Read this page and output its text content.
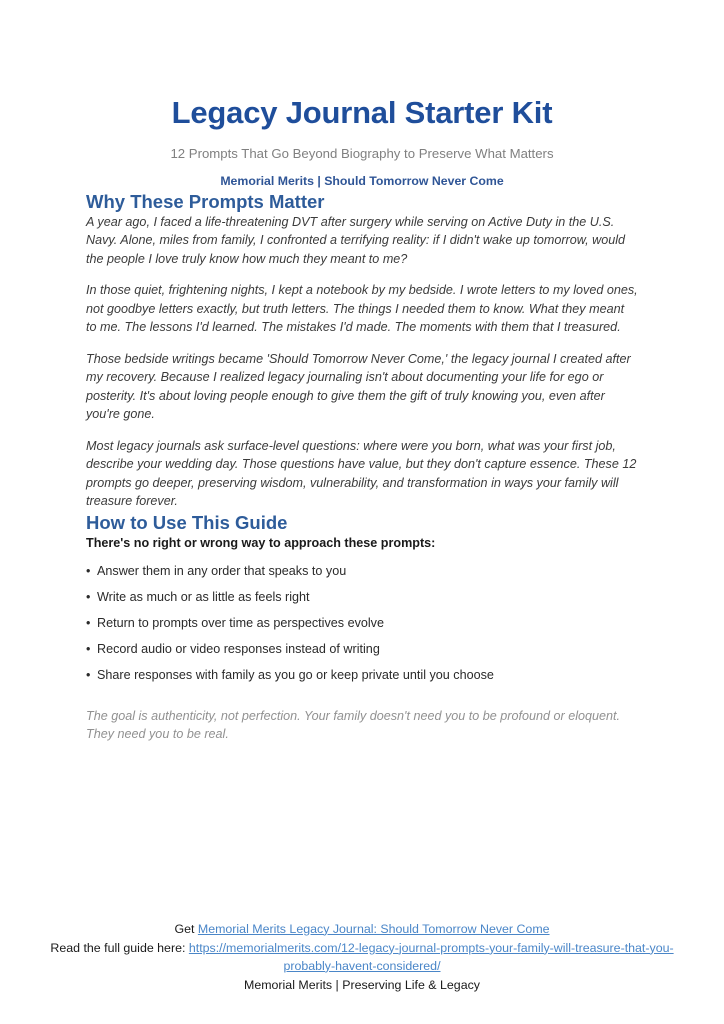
Legacy Journal Starter Kit
12 Prompts That Go Beyond Biography to Preserve What Matters
Memorial Merits | Should Tomorrow Never Come
Why These Prompts Matter

A year ago, I faced a life-threatening DVT after surgery while serving on Active Duty in the U.S. Navy. Alone, miles from family, I confronted a terrifying reality: if I didn't wake up tomorrow, would the people I love truly know how much they meant to me?

In those quiet, frightening nights, I kept a notebook by my bedside. I wrote letters to my loved ones, not goodbye letters exactly, but truth letters. The things I needed them to know. What they meant to me. The lessons I'd learned. The mistakes I'd made. The moments with them that I treasured.

Those bedside writings became 'Should Tomorrow Never Come,' the legacy journal I created after my recovery. Because I realized legacy journaling isn't about documenting your life for ego or posterity. It's about loving people enough to give them the gift of truly knowing you, even after you're gone.

Most legacy journals ask surface-level questions: where were you born, what was your first job, describe your wedding day. Those questions have value, but they don't capture essence. These 12 prompts go deeper, preserving wisdom, vulnerability, and transformation in ways your family will treasure forever.

How to Use This Guide

There's no right or wrong way to approach these prompts:

• Answer them in any order that speaks to you
• Write as much or as little as feels right
• Return to prompts over time as perspectives evolve
• Record audio or video responses instead of writing
• Share responses with family as you go or keep private until you choose

The goal is authenticity, not perfection. Your family doesn't need you to be profound or eloquent. They need you to be real.

Get Memorial Merits Legacy Journal: Should Tomorrow Never Come

Read the full guide here: https://memorialmerits.com/12-legacy-journal-prompts-your-family-will-treasure-that-you-probably-havent-considered/

Memorial Merits | Preserving Life & Legacy
